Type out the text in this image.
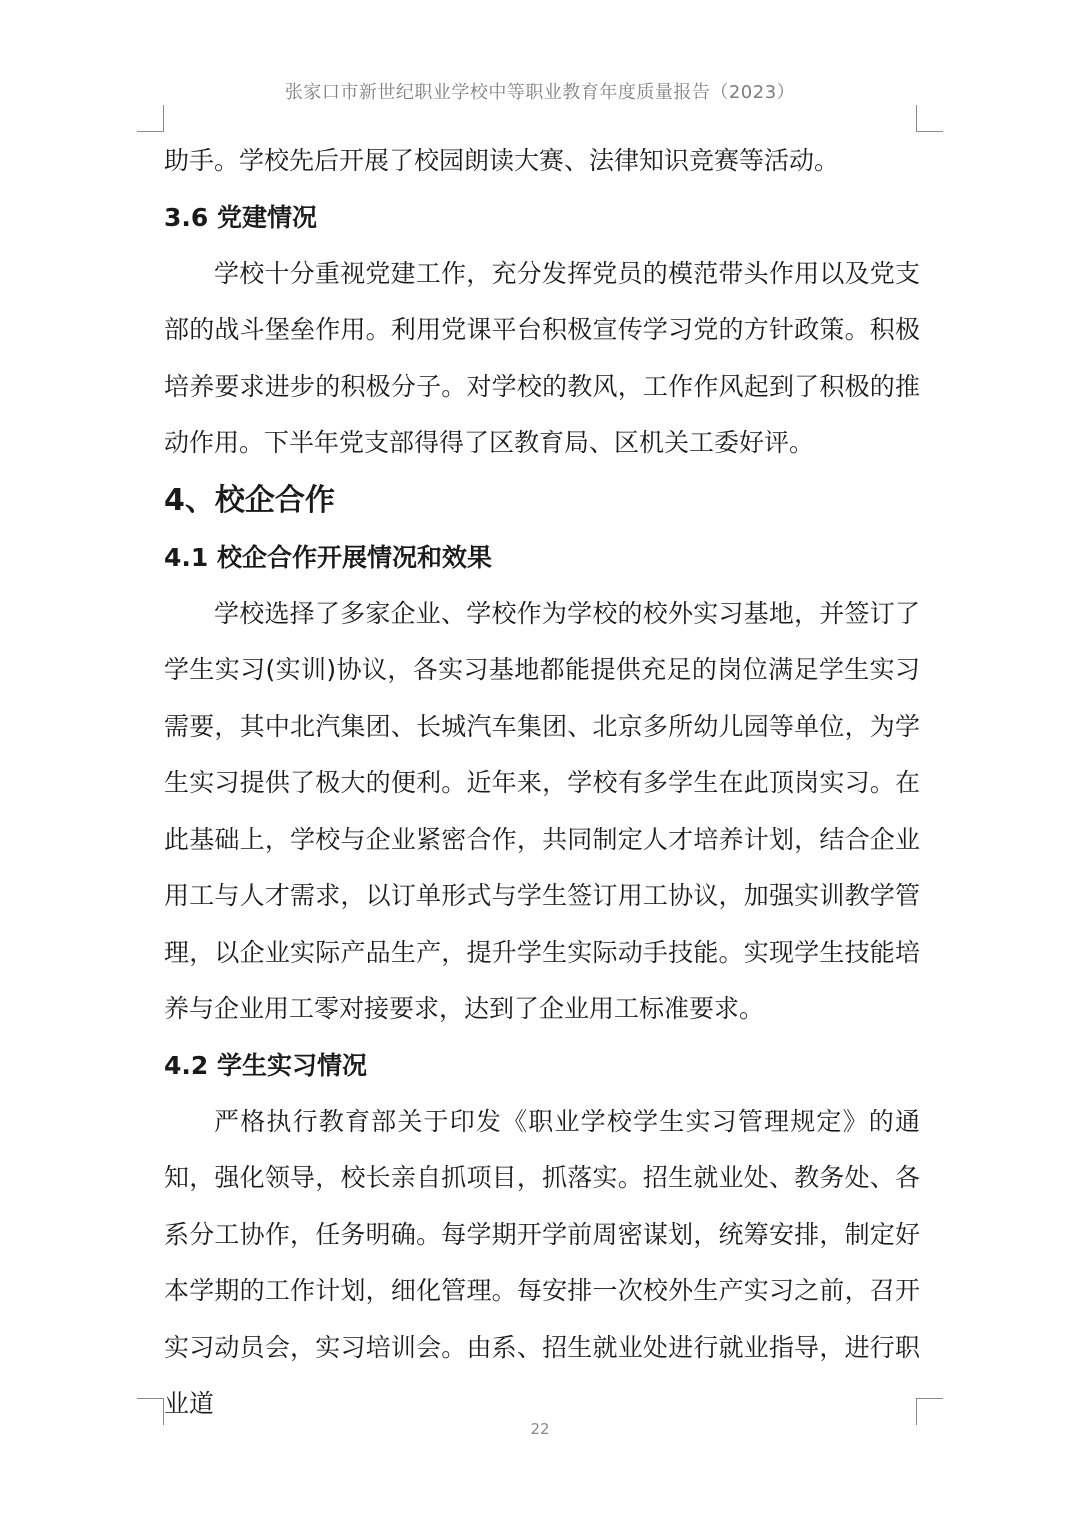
张家口市新世纪职业学校中等职业教育年度质量报告（2023）

助手。学校先后开展了校园朗读大赛、法律知识竞赛等活动。

3.6 党建情况

学校十分重视党建工作，充分发挥党员的模范带头作用以及党支部的战斗堡垒作用。利用党课平台积极宣传学习党的方针政策。积极培养要求进步的积极分子。对学校的教风，工作作风起到了积极的推动作用。下半年党支部得得了区教育局、区机关工委好评。

4、校企合作
4.1 校企合作开展情况和效果

学校选择了多家企业、学校作为学校的校外实习基地，并签订了学生实习(实训)协议，各实习基地都能提供充足的岗位满足学生实习需要，其中北汽集团、长城汽车集团、北京多所幼儿园等单位，为学生实习提供了极大的便利。近年来，学校有多学生在此顶岗实习。在此基础上，学校与企业紧密合作，共同制定人才培养计划，结合企业用工与人才需求，以订单形式与学生签订用工协议，加强实训教学管理，以企业实际产品生产，提升学生实际动手技能。实现学生技能培养与企业用工零对接要求，达到了企业用工标准要求。

4.2 学生实习情况

严格执行教育部关于印发《职业学校学生实习管理规定》的通知，强化领导，校长亲自抓项目，抓落实。招生就业处、教务处、各系分工协作，任务明确。每学期开学前周密谋划，统筹安排，制定好本学期的工作计划，细化管理。每安排一次校外生产实习之前，召开实习动员会，实习培训会。由系、招生就业处进行就业指导，进行职业道

22
